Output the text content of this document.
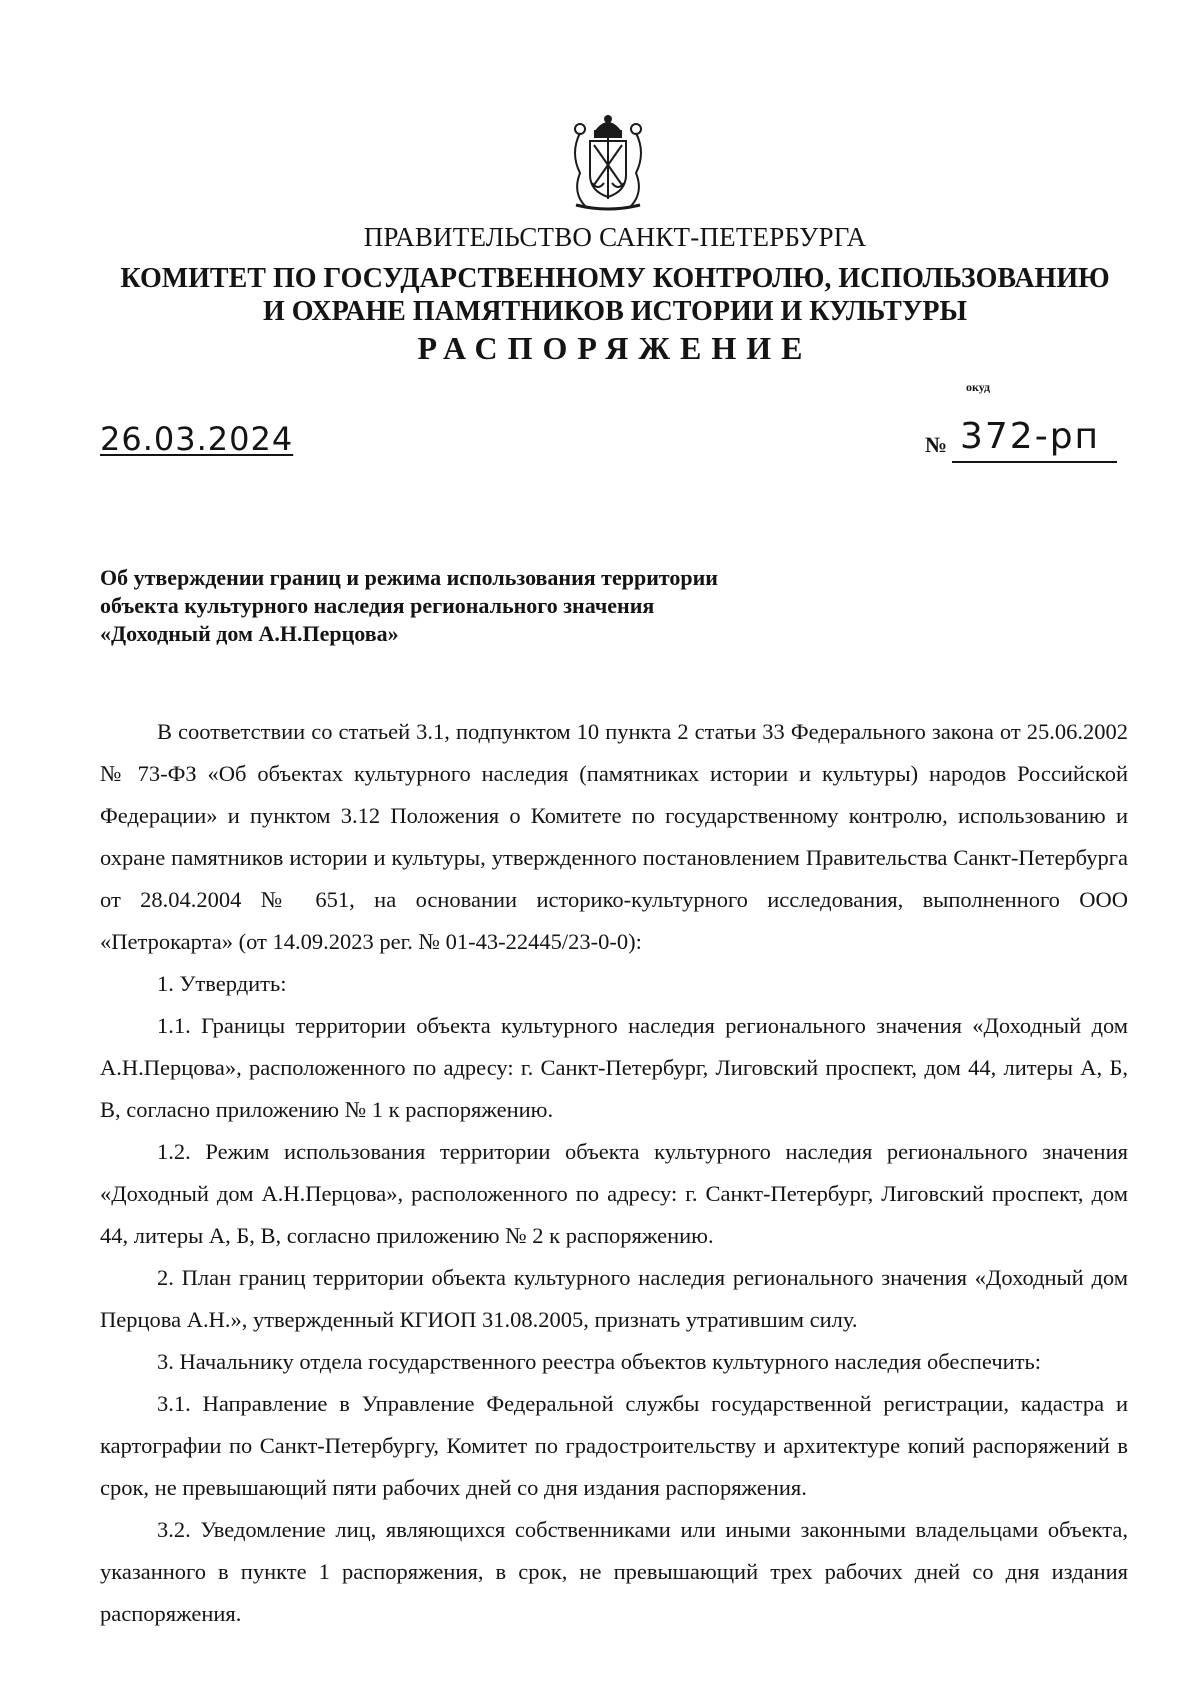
ПРАВИТЕЛЬСТВО САНКТ-ПЕТЕРБУРГА
КОМИТЕТ ПО ГОСУДАРСТВЕННОМУ КОНТРОЛЮ, ИСПОЛЬЗОВАНИЮ
И ОХРАНЕ ПАМЯТНИКОВ ИСТОРИИ И КУЛЬТУРЫ
РАСПОРЯЖЕНИЕ
окуд
26.03.2024	№ 372-рп
Об утверждении границ и режима использования территории
объекта культурного наследия регионального значения
«Доходный дом А.Н.Перцова»

В соответствии со статьей 3.1, подпунктом 10 пункта 2 статьи 33 Федерального закона от 25.06.2002 № 73-ФЗ «Об объектах культурного наследия (памятниках истории и культуры) народов Российской Федерации» и пунктом 3.12 Положения о Комитете по государственному контролю, использованию и охране памятников истории и культуры, утвержденного постановлением Правительства Санкт-Петербурга от 28.04.2004 № 651, на основании историко-культурного исследования, выполненного ООО «Петрокарта» (от 14.09.2023 рег. № 01-43-22445/23-0-0):

1. Утвердить:

1.1. Границы территории объекта культурного наследия регионального значения «Доходный дом А.Н.Перцова», расположенного по адресу: г. Санкт-Петербург, Лиговский проспект, дом 44, литеры А, Б, В, согласно приложению № 1 к распоряжению.

1.2. Режим использования территории объекта культурного наследия регионального значения «Доходный дом А.Н.Перцова», расположенного по адресу: г. Санкт-Петербург, Лиговский проспект, дом 44, литеры А, Б, В, согласно приложению № 2 к распоряжению.

2. План границ территории объекта культурного наследия регионального значения «Доходный дом Перцова А.Н.», утвержденный КГИОП 31.08.2005, признать утратившим силу.

3. Начальнику отдела государственного реестра объектов культурного наследия обеспечить:

3.1. Направление в Управление Федеральной службы государственной регистрации, кадастра и картографии по Санкт-Петербургу, Комитет по градостроительству и архитектуре копий распоряжений в срок, не превышающий пяти рабочих дней со дня издания распоряжения.

3.2. Уведомление лиц, являющихся собственниками или иными законными владельцами объекта, указанного в пункте 1 распоряжения, в срок, не превышающий трех рабочих дней со дня издания распоряжения.
